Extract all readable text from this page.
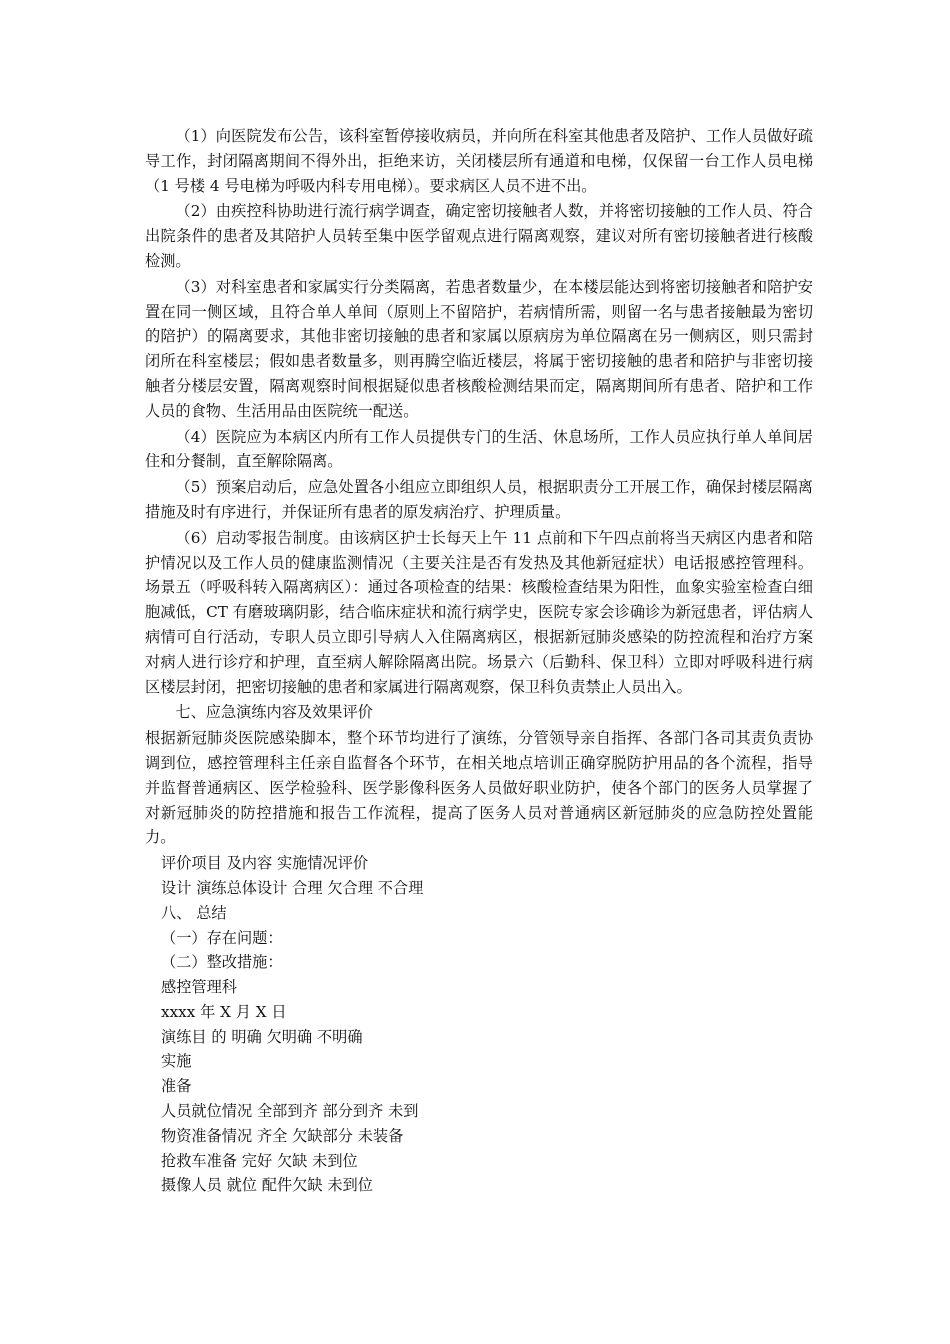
（1）向医院发布公告，该科室暂停接收病员，并向所在科室其他患者及陪护、工作人员做好疏导工作，封闭隔离期间不得外出，拒绝来访，关闭楼层所有通道和电梯，仅保留一台工作人员电梯（1 号楼 4 号电梯为呼吸内科专用电梯）。要求病区人员不进不出。

（2）由疾控科协助进行流行病学调查，确定密切接触者人数，并将密切接触的工作人员、符合出院条件的患者及其陪护人员转至集中医学留观点进行隔离观察，建议对所有密切接触者进行核酸检测。

（3）对科室患者和家属实行分类隔离，若患者数量少，在本楼层能达到将密切接触者和陪护安置在同一侧区域，且符合单人单间（原则上不留陪护，若病情所需，则留一名与患者接触最为密切的陪护）的隔离要求，其他非密切接触的患者和家属以原病房为单位隔离在另一侧病区，则只需封闭所在科室楼层；假如患者数量多，则再腾空临近楼层，将属于密切接触的患者和陪护与非密切接触者分楼层安置，隔离观察时间根据疑似患者核酸检测结果而定，隔离期间所有患者、陪护和工作人员的食物、生活用品由医院统一配送。

（4）医院应为本病区内所有工作人员提供专门的生活、休息场所，工作人员应执行单人单间居住和分餐制，直至解除隔离。

（5）预案启动后，应急处置各小组应立即组织人员，根据职责分工开展工作，确保封楼层隔离措施及时有序进行，并保证所有患者的原发病治疗、护理质量。

（6）启动零报告制度。由该病区护士长每天上午 11 点前和下午四点前将当天病区内患者和陪护情况以及工作人员的健康监测情况（主要关注是否有发热及其他新冠症状）电话报感控管理科。场景五（呼吸科转入隔离病区）：通过各项检查的结果：核酸检查结果为阳性，血象实验室检查白细胞减低，CT 有磨玻璃阴影，结合临床症状和流行病学史，医院专家会诊确诊为新冠患者，评估病人病情可自行活动，专职人员立即引导病人入住隔离病区，根据新冠肺炎感染的防控流程和治疗方案对病人进行诊疗和护理，直至病人解除隔离出院。场景六（后勤科、保卫科）立即对呼吸科进行病区楼层封闭，把密切接触的患者和家属进行隔离观察，保卫科负责禁止人员出入。

七、应急演练内容及效果评价

根据新冠肺炎医院感染脚本，整个环节均进行了演练，分管领导亲自指挥、各部门各司其责负责协调到位，感控管理科主任亲自监督各个环节，在相关地点培训正确穿脱防护用品的各个流程，指导并监督普通病区、医学检验科、医学影像科医务人员做好职业防护，使各个部门的医务人员掌握了对新冠肺炎的防控措施和报告工作流程，提高了医务人员对普通病区新冠肺炎的应急防控处置能力。

评价项目 及内容 实施情况评价
设计 演练总体设计 合理 欠合理 不合理
八、 总结
（一）存在问题：
（二）整改措施：
感控管理科
xxxx 年 X 月 X 日
演练目 的 明确 欠明确 不明确
实施
准备
人员就位情况 全部到齐 部分到齐 未到
物资准备情况 齐全 欠缺部分 未装备
抢救车准备 完好 欠缺 未到位
摄像人员 就位 配件欠缺 未到位
